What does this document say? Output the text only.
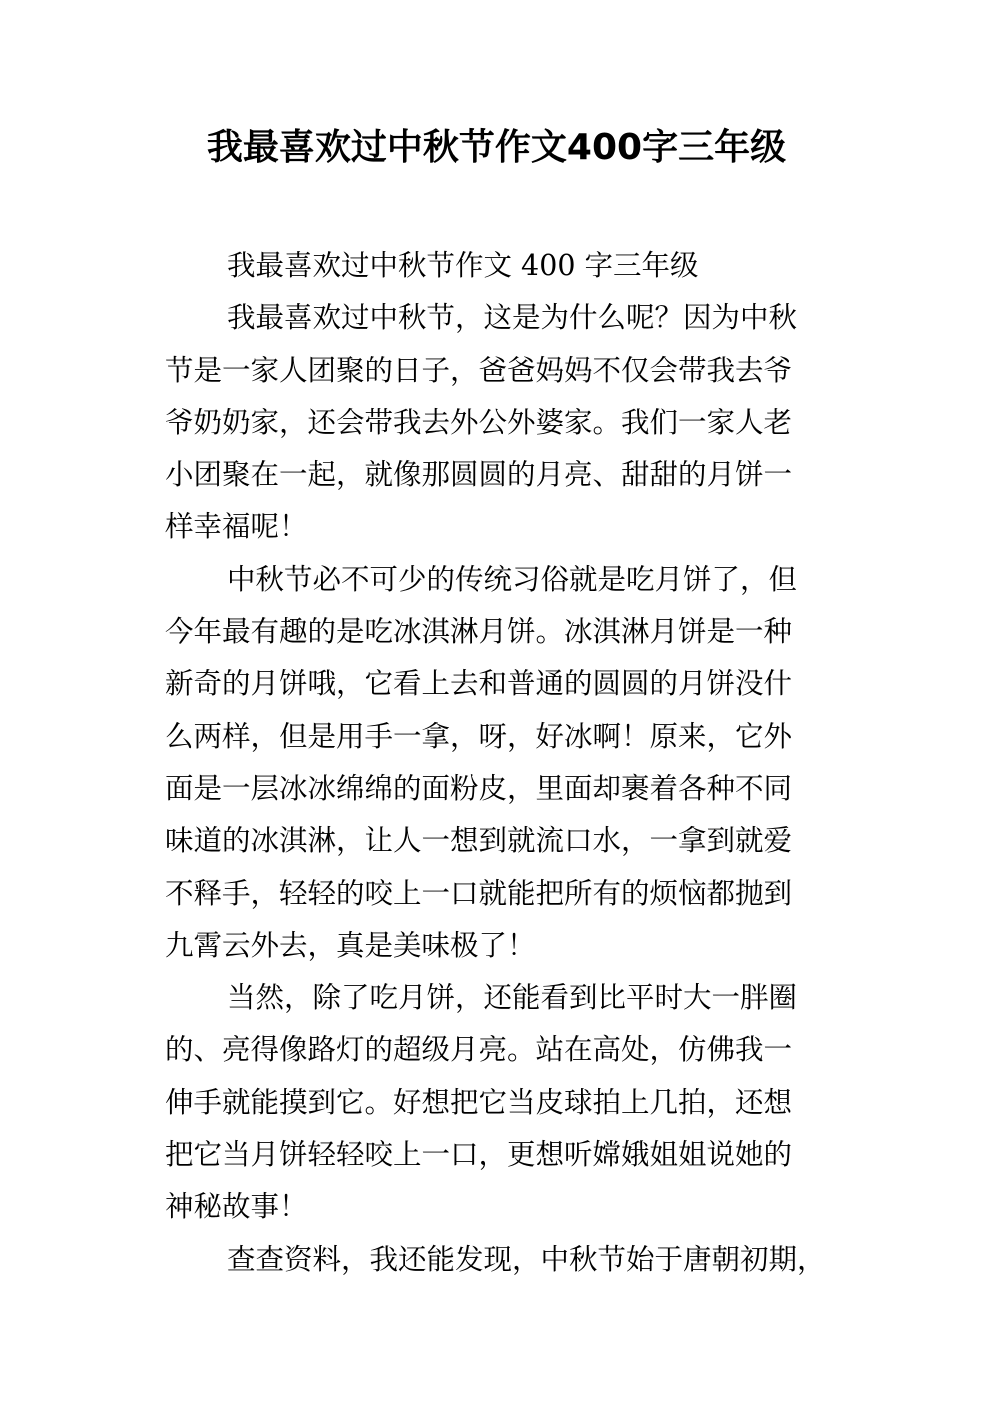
我最喜欢过中秋节作文400字三年级
我最喜欢过中秋节作文 400 字三年级
我最喜欢过中秋节，这是为什么呢？因为中秋
节是一家人团聚的日子，爸爸妈妈不仅会带我去爷
爷奶奶家，还会带我去外公外婆家。我们一家人老
小团聚在一起，就像那圆圆的月亮、甜甜的月饼一
样幸福呢！
中秋节必不可少的传统习俗就是吃月饼了，但
今年最有趣的是吃冰淇淋月饼。冰淇淋月饼是一种
新奇的月饼哦，它看上去和普通的圆圆的月饼没什
么两样，但是用手一拿，呀，好冰啊！原来，它外
面是一层冰冰绵绵的面粉皮，里面却裹着各种不同
味道的冰淇淋，让人一想到就流口水，一拿到就爱
不释手，轻轻的咬上一口就能把所有的烦恼都抛到
九霄云外去，真是美味极了！
当然，除了吃月饼，还能看到比平时大一胖圈
的、亮得像路灯的超级月亮。站在高处，仿佛我一
伸手就能摸到它。好想把它当皮球拍上几拍，还想
把它当月饼轻轻咬上一口，更想听嫦娥姐姐说她的
神秘故事！
查查资料，我还能发现，中秋节始于唐朝初期，
